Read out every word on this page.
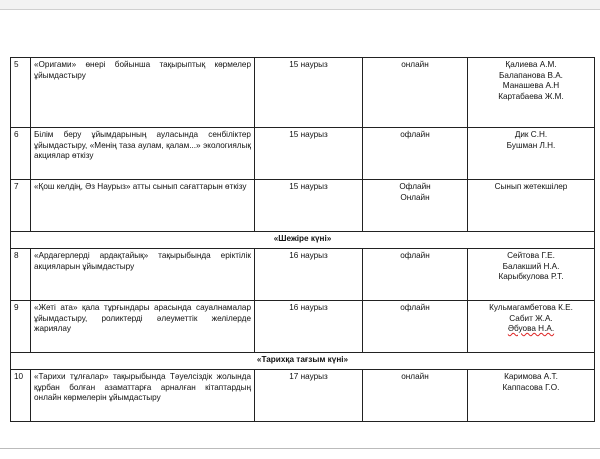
5	«Оригами» өнері бойынша тақырыптық көрмелер ұйымдастыру	15 наурыз	онлайн	Қалиева А.М.
Балапанова В.А.
Манашева А.Н
Картабаева Ж.М.

6	Білім беру ұйымдарының ауласында сенбіліктер ұйымдастыру, «Менің таза аулам, қалам...» экологиялық акциялар өткізу	15 наурыз	офлайн	Дик С.Н.
Бушман Л.Н.

7	«Қош келдің, Әз Наурыз» атты сынып сағаттарын өткізу	15 наурыз	Офлайн
Онлайн	Сынып жетекшілер

«Шежіре күні»				
8	«Ардагерлерді ардақтайық» тақырыбында еріктілік акцияларын ұйымдастыру	16 наурыз	офлайн	Сейтова Г.Е.
Балакший Н.А.
Карыбкулова Р.Т.

9	«Жеті ата» қала тұрғындары арасында сауалнамалар ұйымдастыру, роликтерді әлеуметтік желілерде жариялау	16 наурыз	офлайн	Кульмагамбетова К.Е.
Сабит Ж.А.
Әбуова Н.А.

«Тарихқа тағзым күні»				
10	«Тарихи тұлғалар» тақырыбында Тәуелсіздік жолында құрбан болған азаматтарға арналған кітаптардың онлайн көрмелерін ұйымдастыру	17 наурыз	онлайн	Каримова А.Т.
Каппасова Г.О.
